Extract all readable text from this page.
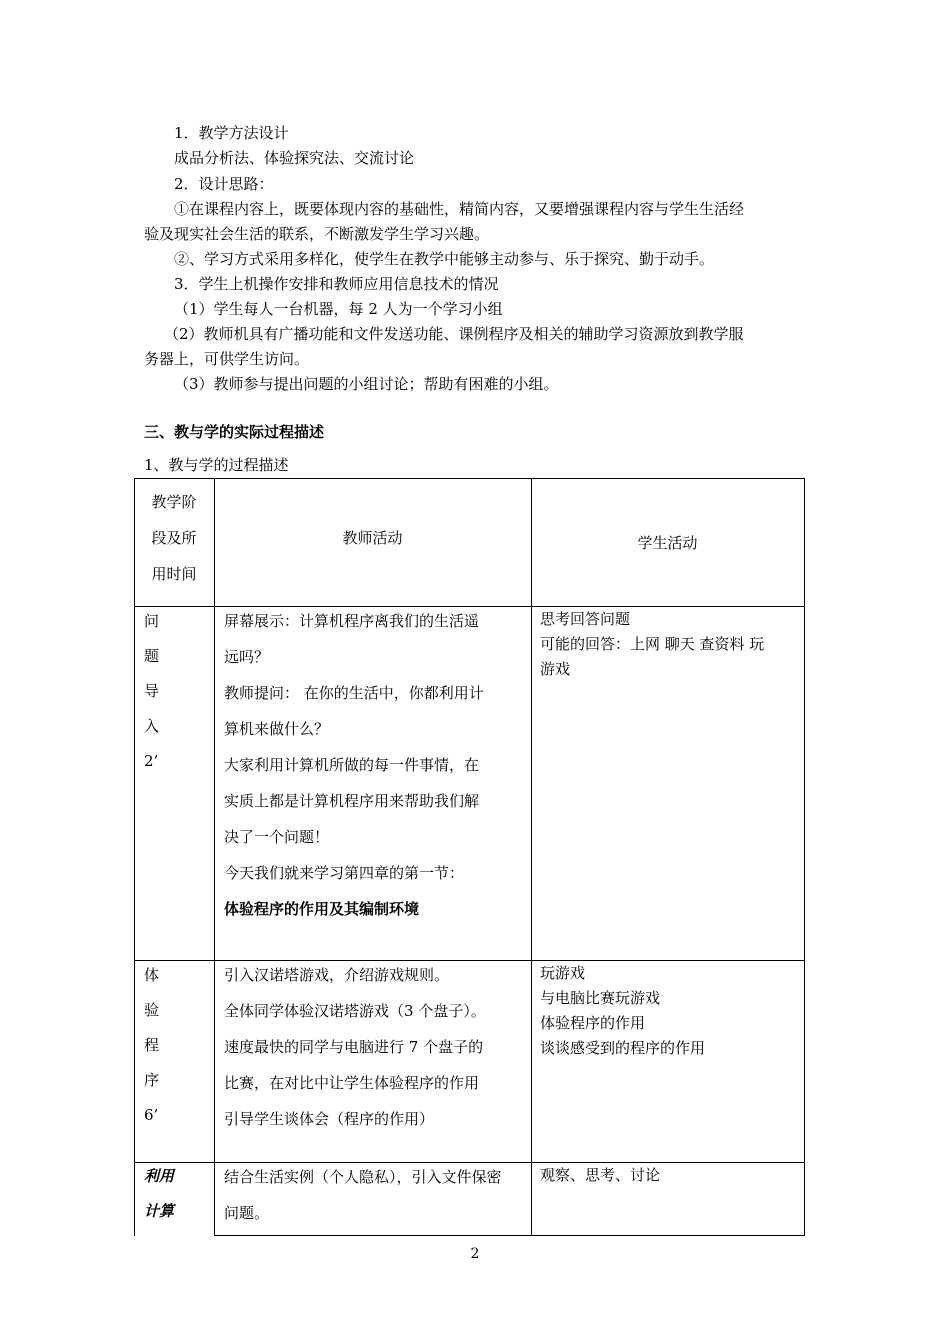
1．教学方法设计
成品分析法、体验探究法、交流讨论
2．设计思路：
①在课程内容上，既要体现内容的基础性，精简内容，又要增强课程内容与学生生活经
验及现实社会生活的联系，不断激发学生学习兴趣。
②、学习方式采用多样化，使学生在教学中能够主动参与、乐于探究、勤于动手。
3．学生上机操作安排和教师应用信息技术的情况
（1）学生每人一台机器，每 2 人为一个学习小组
（2）教师机具有广播功能和文件发送功能、课例程序及相关的辅助学习资源放到教学服
务器上，可供学生访问。
（3）教师参与提出问题的小组讨论；帮助有困难的小组。
三、教与学的实际过程描述
1、教与学的过程描述
教学阶
段及所
用时间
教师活动	学生活动
问
题
导
入
2’

屏幕展示：计算机程序离我们的生活遥

远吗？

教师提问： 在你的生活中，你都利用计

算机来做什么？

大家利用计算机所做的每一件事情，在

实质上都是计算机程序用来帮助我们解

决了一个问题！

今天我们就来学习第四章的第一节：

体验程序的作用及其编制环境

思考回答问题

可能的回答：上网 聊天 查资料 玩

游戏

体
验
程
序
6’

引入汉诺塔游戏，介绍游戏规则。

全体同学体验汉诺塔游戏（3 个盘子）。

速度最快的同学与电脑进行 7 个盘子的

比赛，在对比中让学生体验程序的作用

引导学生谈体会（程序的作用）

玩游戏

与电脑比赛玩游戏

体验程序的作用

谈谈感受到的程序的作用

利用
计算

结合生活实例（个人隐私），引入文件保密

问题。

观察、思考、讨论

2
